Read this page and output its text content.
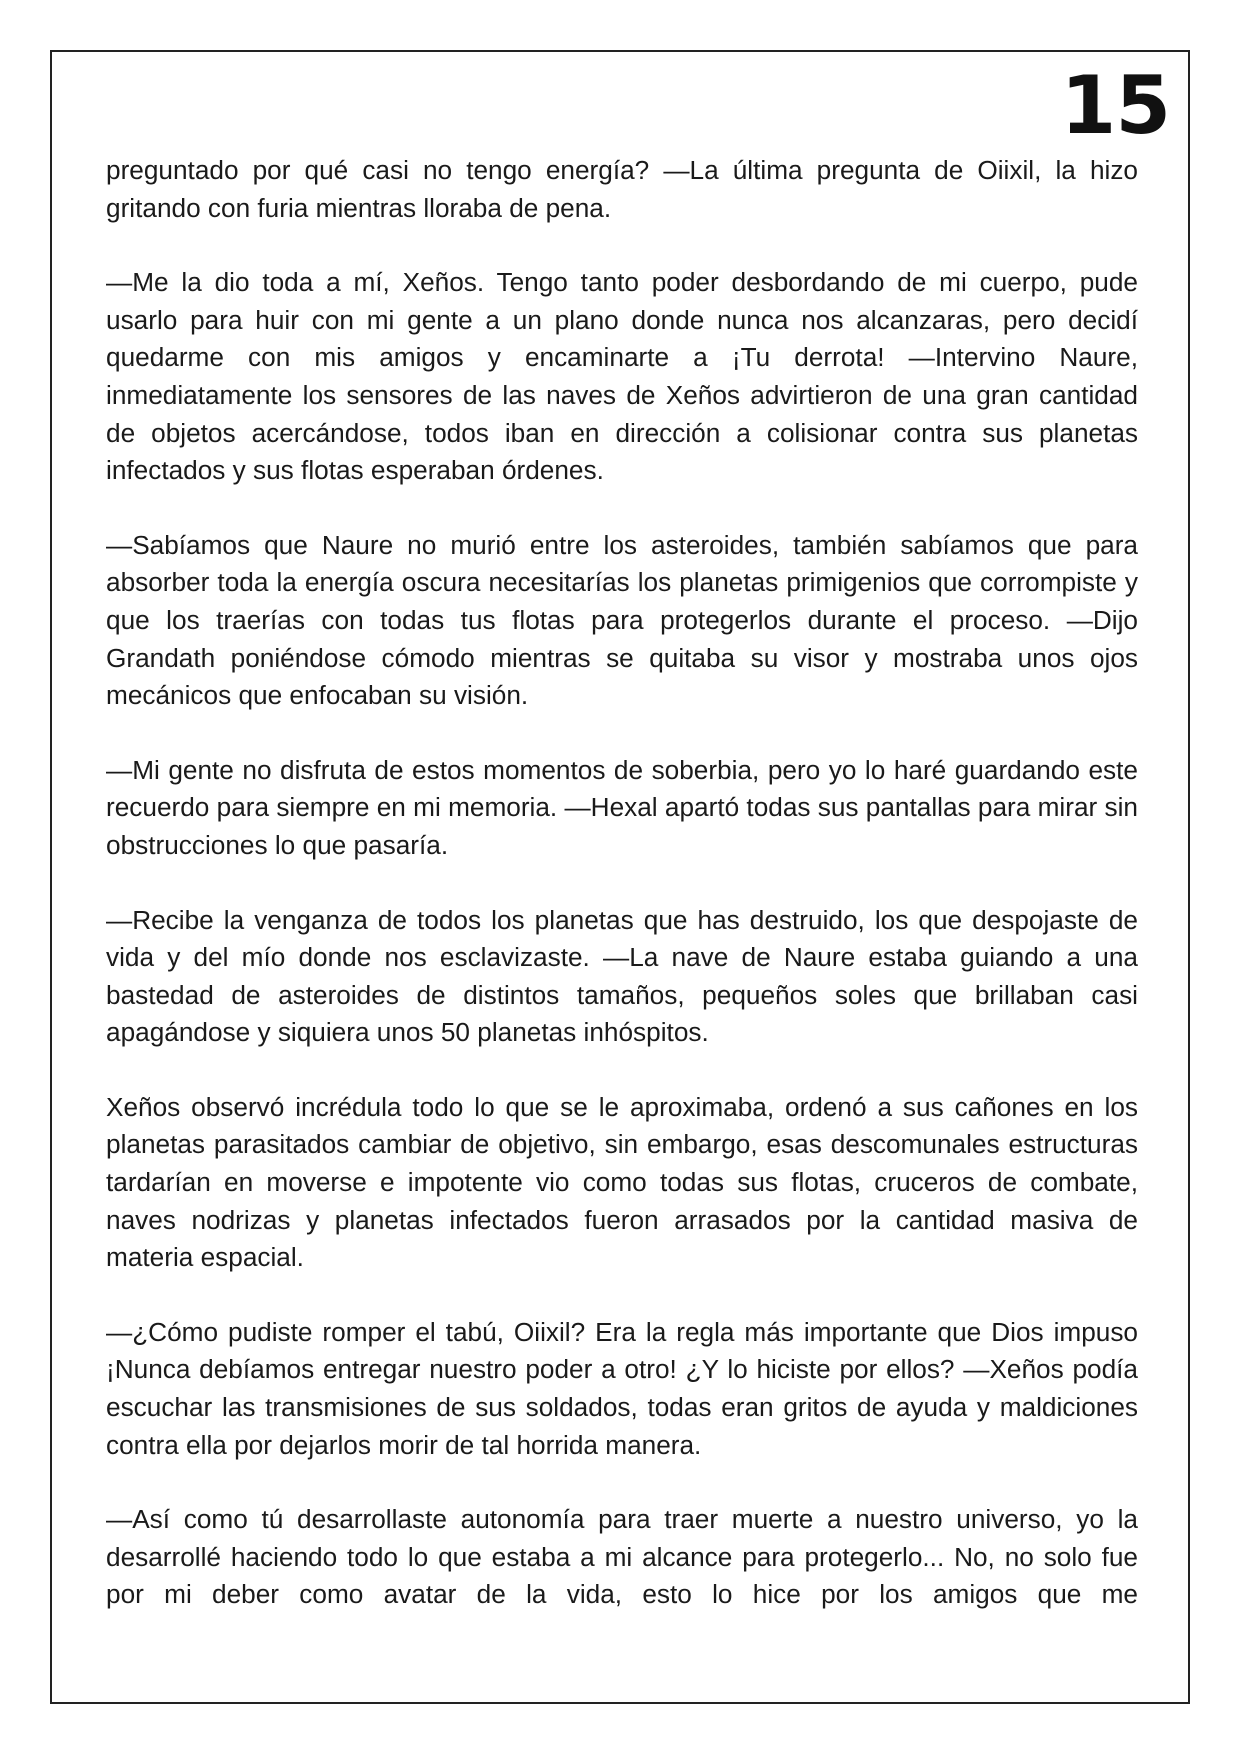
15

preguntado por qué casi no tengo energía? —La última pregunta de Oiixil, la hizo gritando con furia mientras lloraba de pena.

—Me la dio toda a mí, Xeños. Tengo tanto poder desbordando de mi cuerpo, pude usarlo para huir con mi gente a un plano donde nunca nos alcanzaras, pero decidí quedarme con mis amigos y encaminarte a ¡Tu derrota! —Intervino Naure, inmediatamente los sensores de las naves de Xeños advirtieron de una gran cantidad de objetos acercándose, todos iban en dirección a colisionar contra sus planetas infectados y sus flotas esperaban órdenes.

—Sabíamos que Naure no murió entre los asteroides, también sabíamos que para absorber toda la energía oscura necesitarías los planetas primigenios que corrompiste y que los traerías con todas tus flotas para protegerlos durante el proceso. —Dijo Grandath poniéndose cómodo mientras se quitaba su visor y mostraba unos ojos mecánicos que enfocaban su visión.

—Mi gente no disfruta de estos momentos de soberbia, pero yo lo haré guardando este recuerdo para siempre en mi memoria. —Hexal apartó todas sus pantallas para mirar sin obstrucciones lo que pasaría.

—Recibe la venganza de todos los planetas que has destruido, los que despojaste de vida y del mío donde nos esclavizaste. —La nave de Naure estaba guiando a una bastedad de asteroides de distintos tamaños, pequeños soles que brillaban casi apagándose y siquiera unos 50 planetas inhóspitos.

Xeños observó incrédula todo lo que se le aproximaba, ordenó a sus cañones en los planetas parasitados cambiar de objetivo, sin embargo, esas descomunales estructuras tardarían en moverse e impotente vio como todas sus flotas, cruceros de combate, naves nodrizas y planetas infectados fueron arrasados por la cantidad masiva de materia espacial.

—¿Cómo pudiste romper el tabú, Oiixil? Era la regla más importante que Dios impuso ¡Nunca debíamos entregar nuestro poder a otro! ¿Y lo hiciste por ellos? —Xeños podía escuchar las transmisiones de sus soldados, todas eran gritos de ayuda y maldiciones contra ella por dejarlos morir de tal horrida manera.

—Así como tú desarrollaste autonomía para traer muerte a nuestro universo, yo la desarrollé haciendo todo lo que estaba a mi alcance para protegerlo... No, no solo fue por mi deber como avatar de la vida, esto lo hice por los amigos que me
